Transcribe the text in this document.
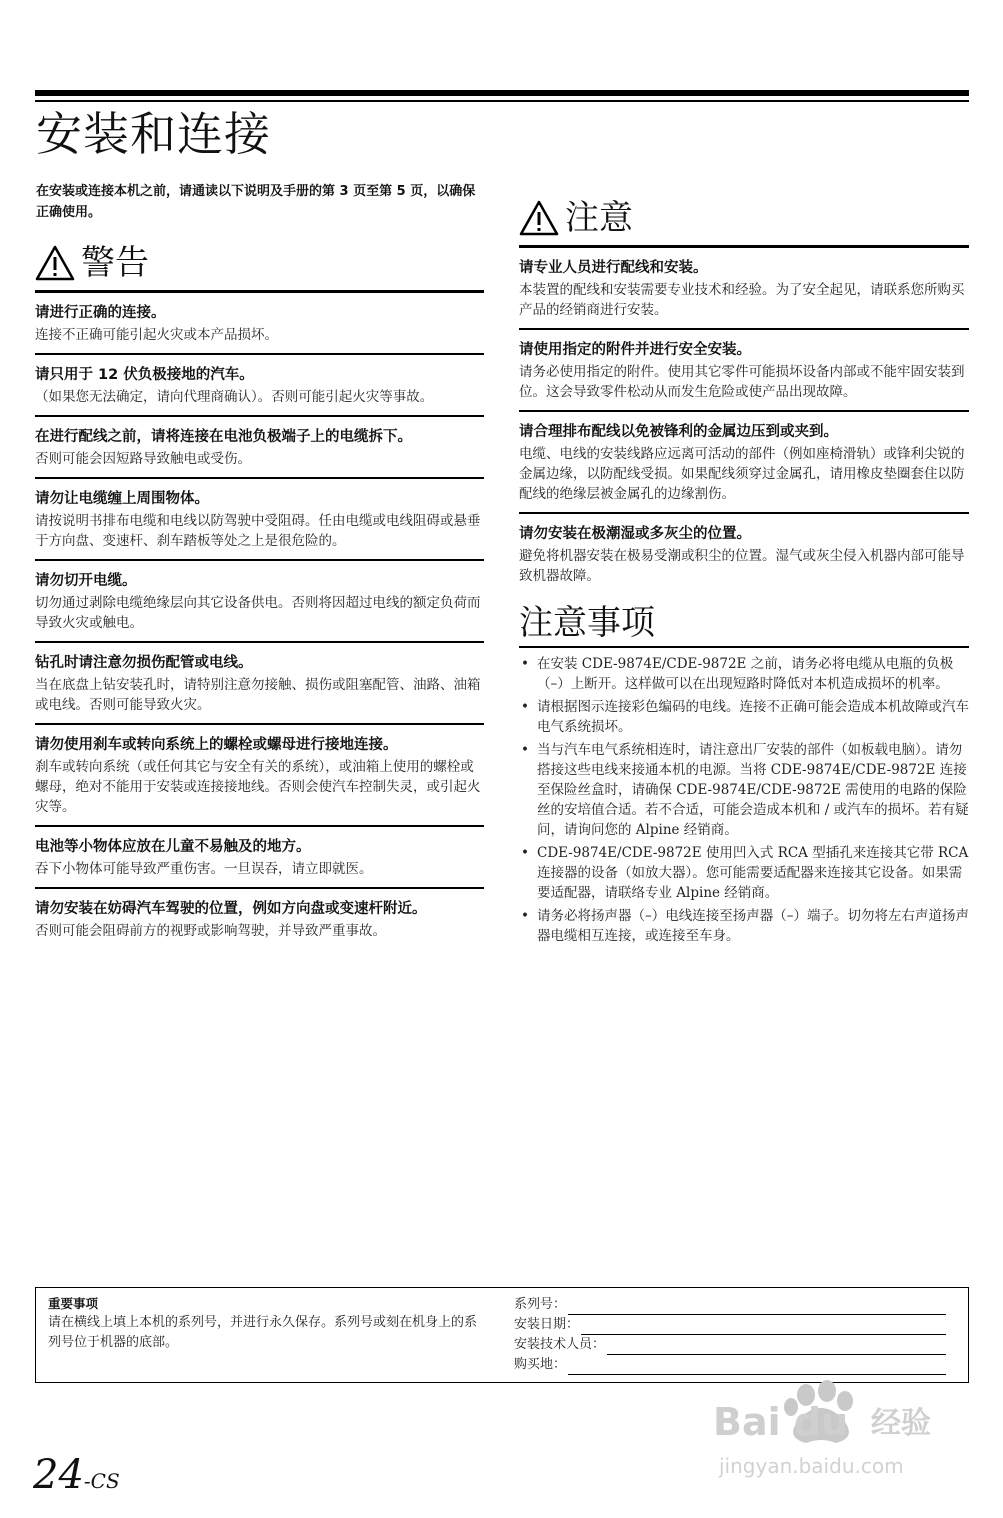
安装和连接
在安装或连接本机之前，请通读以下说明及手册的第 3 页至第 5 页，以确保正确使用。
警告
请进行正确的连接。
连接不正确可能引起火灾或本产品损坏。
请只用于 12 伏负极接地的汽车。
（如果您无法确定，请向代理商确认）。否则可能引起火灾等事故。
在进行配线之前，请将连接在电池负极端子上的电缆拆下。
否则可能会因短路导致触电或受伤。
请勿让电缆缠上周围物体。
请按说明书排布电缆和电线以防驾驶中受阻碍。任由电缆或电线阻碍或悬垂于方向盘、变速杆、刹车踏板等处之上是很危险的。
请勿切开电缆。
切勿通过剥除电缆绝缘层向其它设备供电。否则将因超过电线的额定负荷而导致火灾或触电。
钻孔时请注意勿损伤配管或电线。
当在底盘上钻安装孔时，请特别注意勿接触、损伤或阻塞配管、油路、油箱或电线。否则可能导致火灾。
请勿使用刹车或转向系统上的螺栓或螺母进行接地连接。
刹车或转向系统（或任何其它与安全有关的系统），或油箱上使用的螺栓或螺母，绝对不能用于安装或连接接地线。否则会使汽车控制失灵，或引起火灾等。
电池等小物体应放在儿童不易触及的地方。
吞下小物体可能导致严重伤害。一旦误吞，请立即就医。
请勿安装在妨碍汽车驾驶的位置，例如方向盘或变速杆附近。
否则可能会阻碍前方的视野或影响驾驶，并导致严重事故。
注意
请专业人员进行配线和安装。
本装置的配线和安装需要专业技术和经验。为了安全起见，请联系您所购买产品的经销商进行安装。
请使用指定的附件并进行安全安装。
请务必使用指定的附件。使用其它零件可能损坏设备内部或不能牢固安装到位。这会导致零件松动从而发生危险或使产品出现故障。
请合理排布配线以免被锋利的金属边压到或夹到。
电缆、电线的安装线路应远离可活动的部件（例如座椅滑轨）或锋利尖锐的金属边缘，以防配线受损。如果配线须穿过金属孔，请用橡皮垫圈套住以防配线的绝缘层被金属孔的边缘割伤。
请勿安装在极潮湿或多灰尘的位置。
避免将机器安装在极易受潮或积尘的位置。湿气或灰尘侵入机器内部可能导致机器故障。
注意事项
• 在安装 CDE-9874E/CDE-9872E 之前，请务必将电缆从电瓶的负极（–）上断开。这样做可以在出现短路时降低对本机造成损坏的机率。
• 请根据图示连接彩色编码的电线。连接不正确可能会造成本机故障或汽车电气系统损坏。
• 当与汽车电气系统相连时，请注意出厂安装的部件（如板载电脑）。请勿搭接这些电线来接通本机的电源。当将 CDE-9874E/CDE-9872E 连接至保险丝盒时，请确保 CDE-9874E/CDE-9872E 需使用的电路的保险丝的安培值合适。若不合适，可能会造成本机和 / 或汽车的损坏。若有疑问，请询问您的 Alpine 经销商。
• CDE-9874E/CDE-9872E 使用凹入式 RCA 型插孔来连接其它带 RCA 连接器的设备（如放大器）。您可能需要适配器来连接其它设备。如果需要适配器，请联络专业 Alpine 经销商。
• 请务必将扬声器（–）电线连接至扬声器（–）端子。切勿将左右声道扬声器电缆相互连接，或连接至车身。
重要事项
请在横线上填上本机的系列号，并进行永久保存。系列号或刻在机身上的系列号位于机器的底部。
系列号：
安装日期：
安装技术人员：
购买地：
24-CS
Bai du 经验
jingyan.baidu.com
